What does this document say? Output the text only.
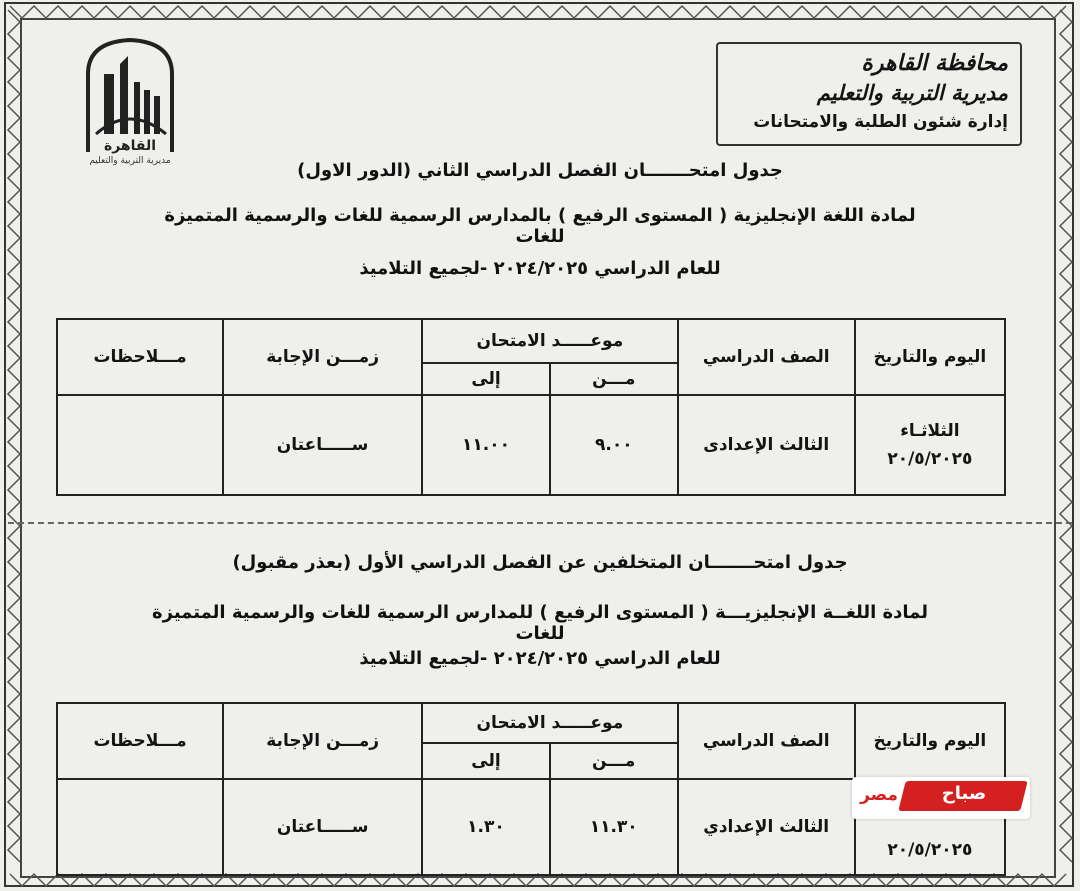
محافظة القاهرة
مديرية التربية والتعليم
إدارة شئون الطلبة والامتحانات
القاهرة
مديرية التربية والتعليم	جدول امتحـــــــان الفصل الدراسي الثاني (الدور الاول)
لمادة اللغة الإنجليزية ( المستوى الرفيع ) بالمدارس الرسمية للغات والرسمية المتميزة للغات
للعام الدراسي ٢٠٢٤/٢٠٢٥ -لجميع التلاميذ
اليوم والتاريخ	الصف الدراسي	موعـــــد الامتحان		زمـــن الإجابة	مـــلاحظات
		مـــن	إلى		

الثلاثـاء
٢٠/٥/٢٠٢٥	الثالث الإعدادى	٩.٠٠	١١.٠٠	ســـــاعتان	
جدول امتحـــــــان المتخلفين عن الفصل الدراسي الأول (بعذر مقبول)
لمادة اللغــة الإنجليزيـــة ( المستوى الرفيع ) للمدارس الرسمية للغات والرسمية المتميزة للغات
للعام الدراسي ٢٠٢٤/٢٠٢٥ -لجميع التلاميذ
اليوم والتاريخ	الصف الدراسي	موعـــــد الامتحان		زمـــن الإجابة	مـــلاحظات
		مـــن	إلى		

٢٠/٥/٢٠٢٥	الثالث الإعدادي	١١.٣٠	١.٣٠	ســـــاعتان	
صباح
مصر
